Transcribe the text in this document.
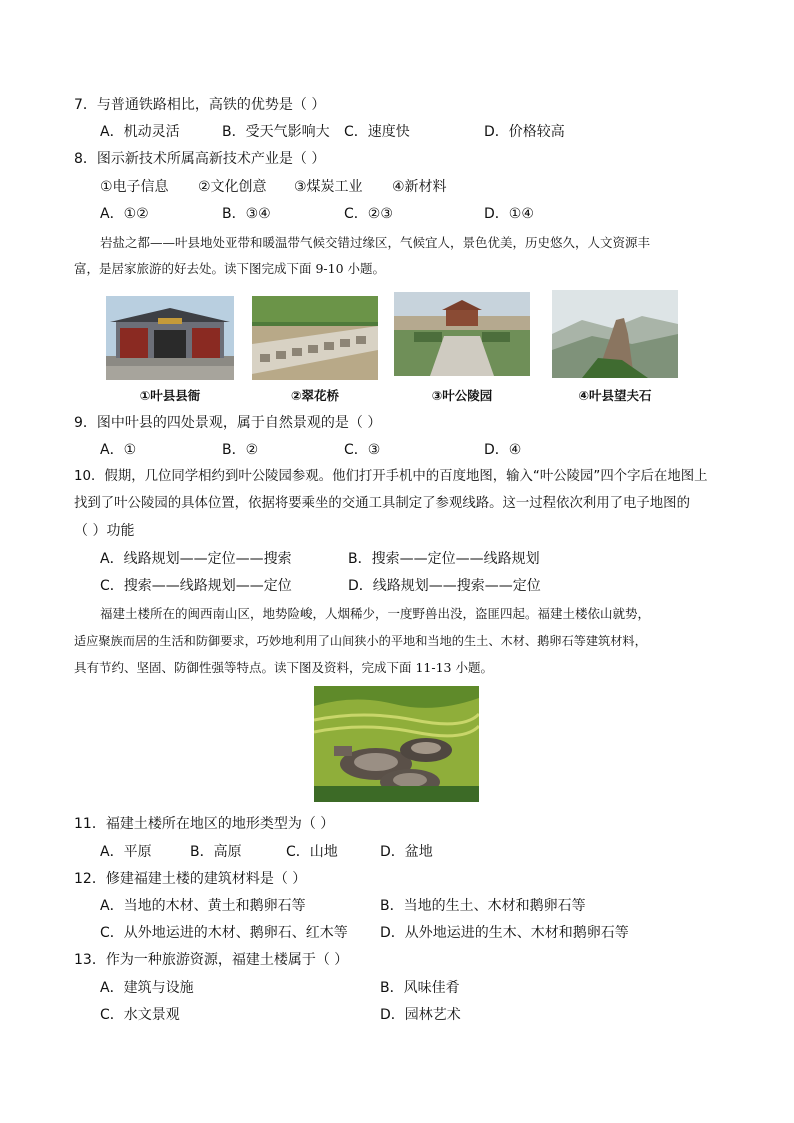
7．与普通铁路相比，高铁的优势是（ ）
A．机动灵活	B．受天气影响大 C．速度快	D．价格较高
8．图示新技术所属高新技术产业是（ ）
①电子信息 ②文化创意 ③煤炭工业 ④新材料
A．①②	B．③④	C．②③	D．①④
岩盐之都——叶县地处亚带和暖温带气候交错过缘区，气候宜人，景色优美，历史悠久，人文资源丰
富，是居家旅游的好去处。读下图完成下面 9-10 小题。
①叶县县衙	②翠花桥	③叶公陵园	④叶县望夫石
9．图中叶县的四处景观，属于自然景观的是（ ）
A．①	B．②	C．③	D．④
10．假期，几位同学相约到叶公陵园参观。他们打开手机中的百度地图，输入“叶公陵园”四个字后在地图上
找到了叶公陵园的具体位置，依据将要乘坐的交通工具制定了参观线路。这一过程依次利用了电子地图的
（ ）功能
A．线路规划——定位——搜索	B．搜索——定位——线路规划
C．搜索——线路规划——定位	D．线路规划——搜索——定位
福建土楼所在的闽西南山区，地势险峻，人烟稀少，一度野兽出没，盗匪四起。福建土楼依山就势，
适应聚族而居的生活和防御要求，巧妙地利用了山间狭小的平地和当地的生土、木材、鹅卵石等建筑材料，
具有节约、坚固、防御性强等特点。读下图及资料，完成下面 11-13 小题。
11．福建土楼所在地区的地形类型为（ ）
A．平原	B．高原	C．山地	D．盆地
12．修建福建土楼的建筑材料是（ ）
A．当地的木材、黄土和鹅卵石等	B．当地的生土、木材和鹅卵石等
C．从外地运进的木材、鹅卵石、红木等 D．从外地运进的生木、木材和鹅卵石等
13．作为一种旅游资源，福建土楼属于（ ）
A．建筑与设施	B．风味佳肴
C．水文景观	D．园林艺术
